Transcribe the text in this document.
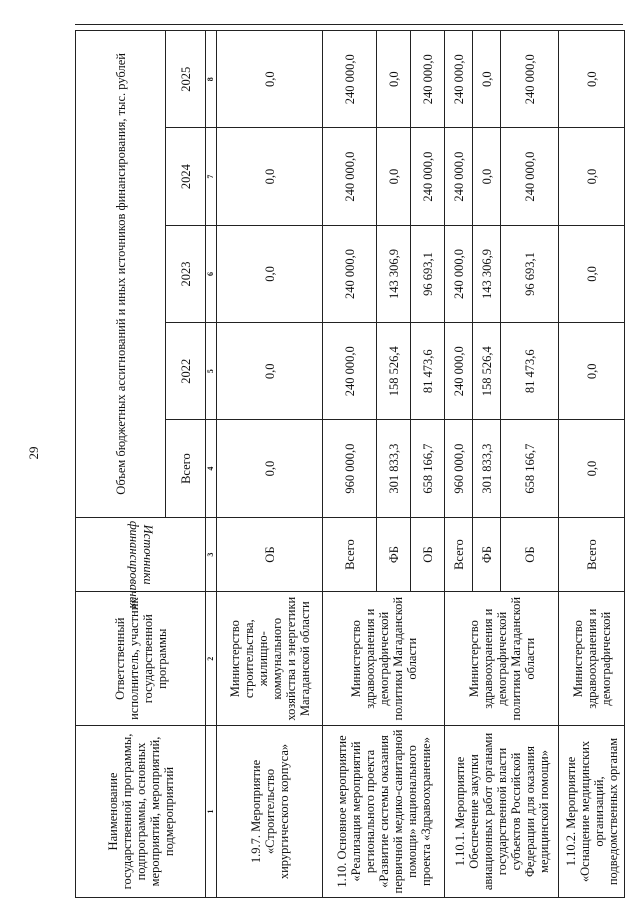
29
Наименование государственной программы, подпрограммы, основных мероприятий, мероприятий, подмероприятий	Ответственный исполнитель, участник государственной программы	Источники финансирования	Объем бюджетных ассигнований и иных источников финансирования, тыс. рублей				
			Всего	2022	2023	2024	2025
1	2	3	4	5	6	7	8
1.9.7. Мероприятие «Строительство хирургического корпуса»	Министерство строительства, жилищно-коммунального хозяйства и энергетики Магаданской области	ОБ	0,0	0,0	0,0	0,0	0,0
1.10. Основное мероприятие «Реализация мероприятий регионального проекта «Развитие системы оказания первичной медико-санитарной помощи» национального проекта «Здравоохранение»	Министерство здравоохранения и демографической политики Магаданской области	Всего	960 000,0	240 000,0	240 000,0	240 000,0	240 000,0
		ФБ	301 833,3	158 526,4	143 306,9	0,0	0,0
		ОБ	658 166,7	81 473,6	96 693,1	240 000,0	240 000,0
1.10.1. Мероприятие Обеспечение закупки авиационных работ органами государственной власти субъектов Российской Федерации для оказания медицинской помощи»	Министерство здравоохранения и демографической политики Магаданской области	Всего	960 000,0	240 000,0	240 000,0	240 000,0	240 000,0
		ФБ	301 833,3	158 526,4	143 306,9	0,0	0,0
		ОБ	658 166,7	81 473,6	96 693,1	240 000,0	240 000,0
1.10.2. Мероприятие «Оснащение медицинских организаций, подведомственных органам	Министерство здравоохранения и демографической	Всего	0,0	0,0	0,0	0,0	0,0
